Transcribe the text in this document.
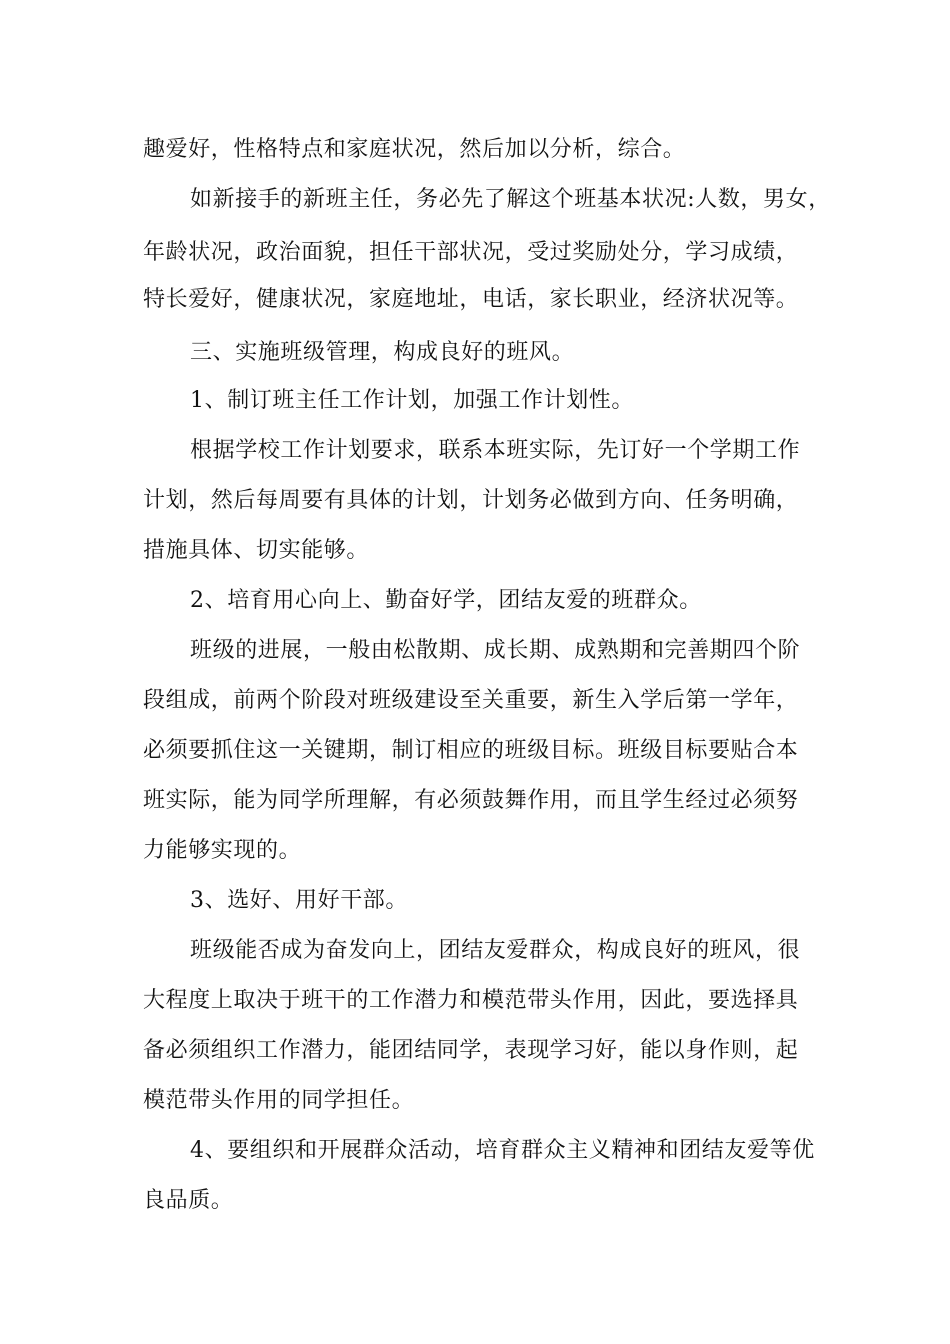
趣爱好，性格特点和家庭状况，然后加以分析，综合。
如新接手的新班主任，务必先了解这个班基本状况:人数，男女，
年龄状况，政治面貌，担任干部状况，受过奖励处分，学习成绩，
特长爱好，健康状况，家庭地址，电话，家长职业，经济状况等。
三、实施班级管理，构成良好的班风。
1、制订班主任工作计划，加强工作计划性。
根据学校工作计划要求，联系本班实际，先订好一个学期工作
计划，然后每周要有具体的计划，计划务必做到方向、任务明确，
措施具体、切实能够。
2、培育用心向上、勤奋好学，团结友爱的班群众。
班级的进展，一般由松散期、成长期、成熟期和完善期四个阶
段组成，前两个阶段对班级建设至关重要，新生入学后第一学年，
必须要抓住这一关键期，制订相应的班级目标。班级目标要贴合本
班实际，能为同学所理解，有必须鼓舞作用，而且学生经过必须努
力能够实现的。
3、选好、用好干部。
班级能否成为奋发向上，团结友爱群众，构成良好的班风，很
大程度上取决于班干的工作潜力和模范带头作用，因此，要选择具
备必须组织工作潜力，能团结同学，表现学习好，能以身作则，起
模范带头作用的同学担任。
4、要组织和开展群众活动，培育群众主义精神和团结友爱等优
良品质。
